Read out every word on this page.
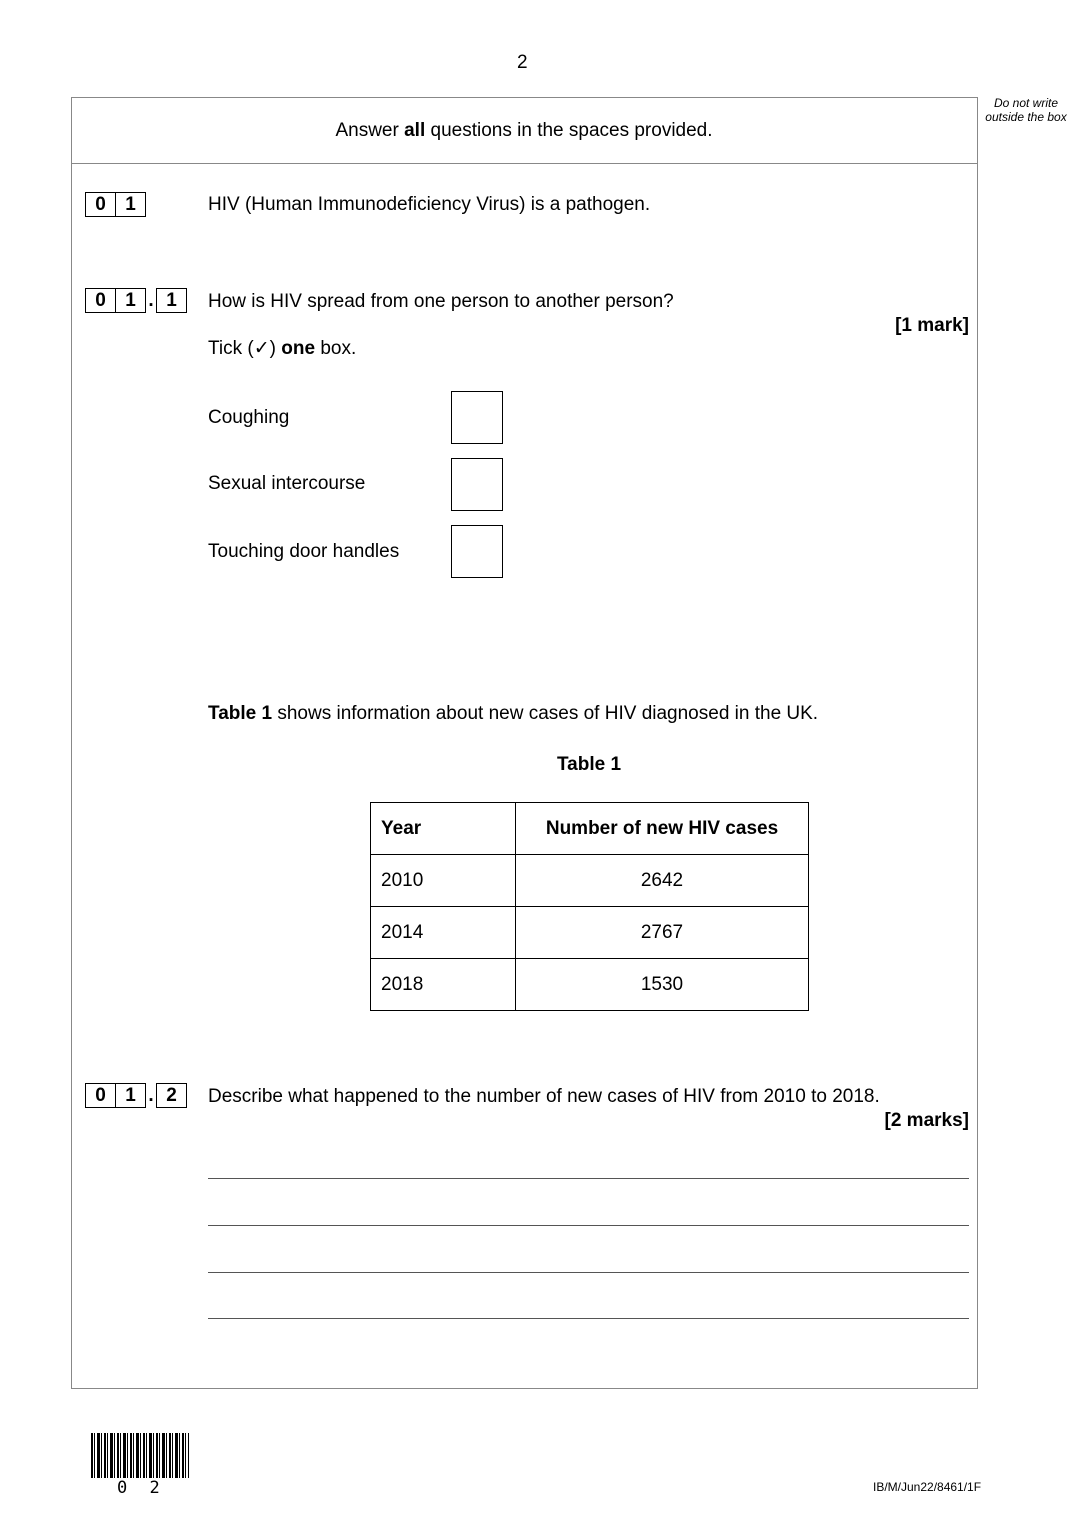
2
Do not write outside the box
Answer all questions in the spaces provided.
0	1	HIV (Human Immunodeficiency Virus) is a pathogen.
0	1 . 1	How is HIV spread from one person to another person?
[1 mark]
Tick (✓) one box.
Coughing
Sexual intercourse
Touching door handles
Table 1 shows information about new cases of HIV diagnosed in the UK.
Table 1
Year	Number of new HIV cases
2010	2642
2014	2767
2018	1530
0	1 . 2	Describe what happened to the number of new cases of HIV from 2010 to 2018.
[2 marks]
0 2	IB/M/Jun22/8461/1F
